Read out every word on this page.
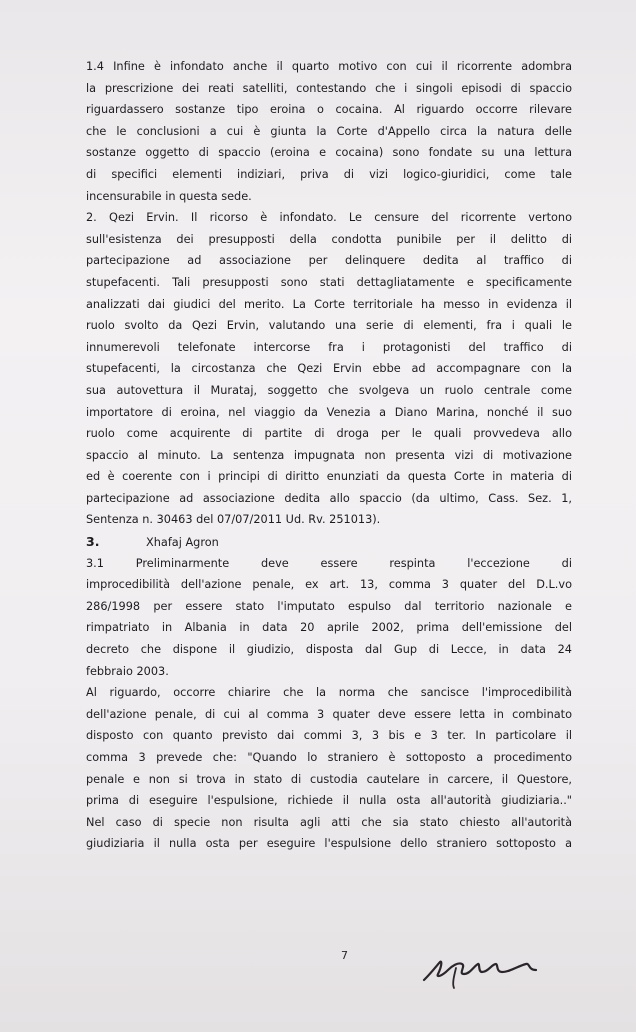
1.4 Infine è infondato anche il quarto motivo con cui il ricorrente adombra
la prescrizione dei reati satelliti, contestando che i singoli episodi di spaccio
riguardassero sostanze tipo eroina o cocaina. Al riguardo occorre rilevare
che le conclusioni a cui è giunta la Corte d'Appello circa la natura delle
sostanze oggetto di spaccio (eroina e cocaina) sono fondate su una lettura
di specifici elementi indiziari, priva di vizi logico-giuridici, come tale
incensurabile in questa sede.
2. Qezi Ervin. Il ricorso è infondato. Le censure del ricorrente vertono
sull'esistenza dei presupposti della condotta punibile per il delitto di
partecipazione ad associazione per delinquere dedita al traffico di
stupefacenti. Tali presupposti sono stati dettagliatamente e specificamente
analizzati dai giudici del merito. La Corte territoriale ha messo in evidenza il
ruolo svolto da Qezi Ervin, valutando una serie di elementi, fra i quali le
innumerevoli telefonate intercorse fra i protagonisti del traffico di
stupefacenti, la circostanza che Qezi Ervin ebbe ad accompagnare con la
sua autovettura il Murataj, soggetto che svolgeva un ruolo centrale come
importatore di eroina, nel viaggio da Venezia a Diano Marina, nonché il suo
ruolo come acquirente di partite di droga per le quali provvedeva allo
spaccio al minuto. La sentenza impugnata non presenta vizi di motivazione
ed è coerente con i principi di diritto enunziati da questa Corte in materia di
partecipazione ad associazione dedita allo spaccio (da ultimo, Cass. Sez. 1,
Sentenza n. 30463 del 07/07/2011 Ud. Rv. 251013).
3.	Xhafaj Agron
3.1 Preliminarmente deve essere respinta l'eccezione di
improcedibilità dell'azione penale, ex art. 13, comma 3 quater del D.L.vo
286/1998 per essere stato l'imputato espulso dal territorio nazionale e
rimpatriato in Albania in data 20 aprile 2002, prima dell'emissione del
decreto che dispone il giudizio, disposta dal Gup di Lecce, in data 24
febbraio 2003.
Al riguardo, occorre chiarire che la norma che sancisce l'improcedibilità
dell'azione penale, di cui al comma 3 quater deve essere letta in combinato
disposto con quanto previsto dai commi 3, 3 bis e 3 ter. In particolare il
comma 3 prevede che: "Quando lo straniero è sottoposto a procedimento
penale e non si trova in stato di custodia cautelare in carcere, il Questore,
prima di eseguire l'espulsione, richiede il nulla osta all'autorità giudiziaria.."
Nel caso di specie non risulta agli atti che sia stato chiesto all'autorità
giudiziaria il nulla osta per eseguire l'espulsione dello straniero sottoposto a
7
